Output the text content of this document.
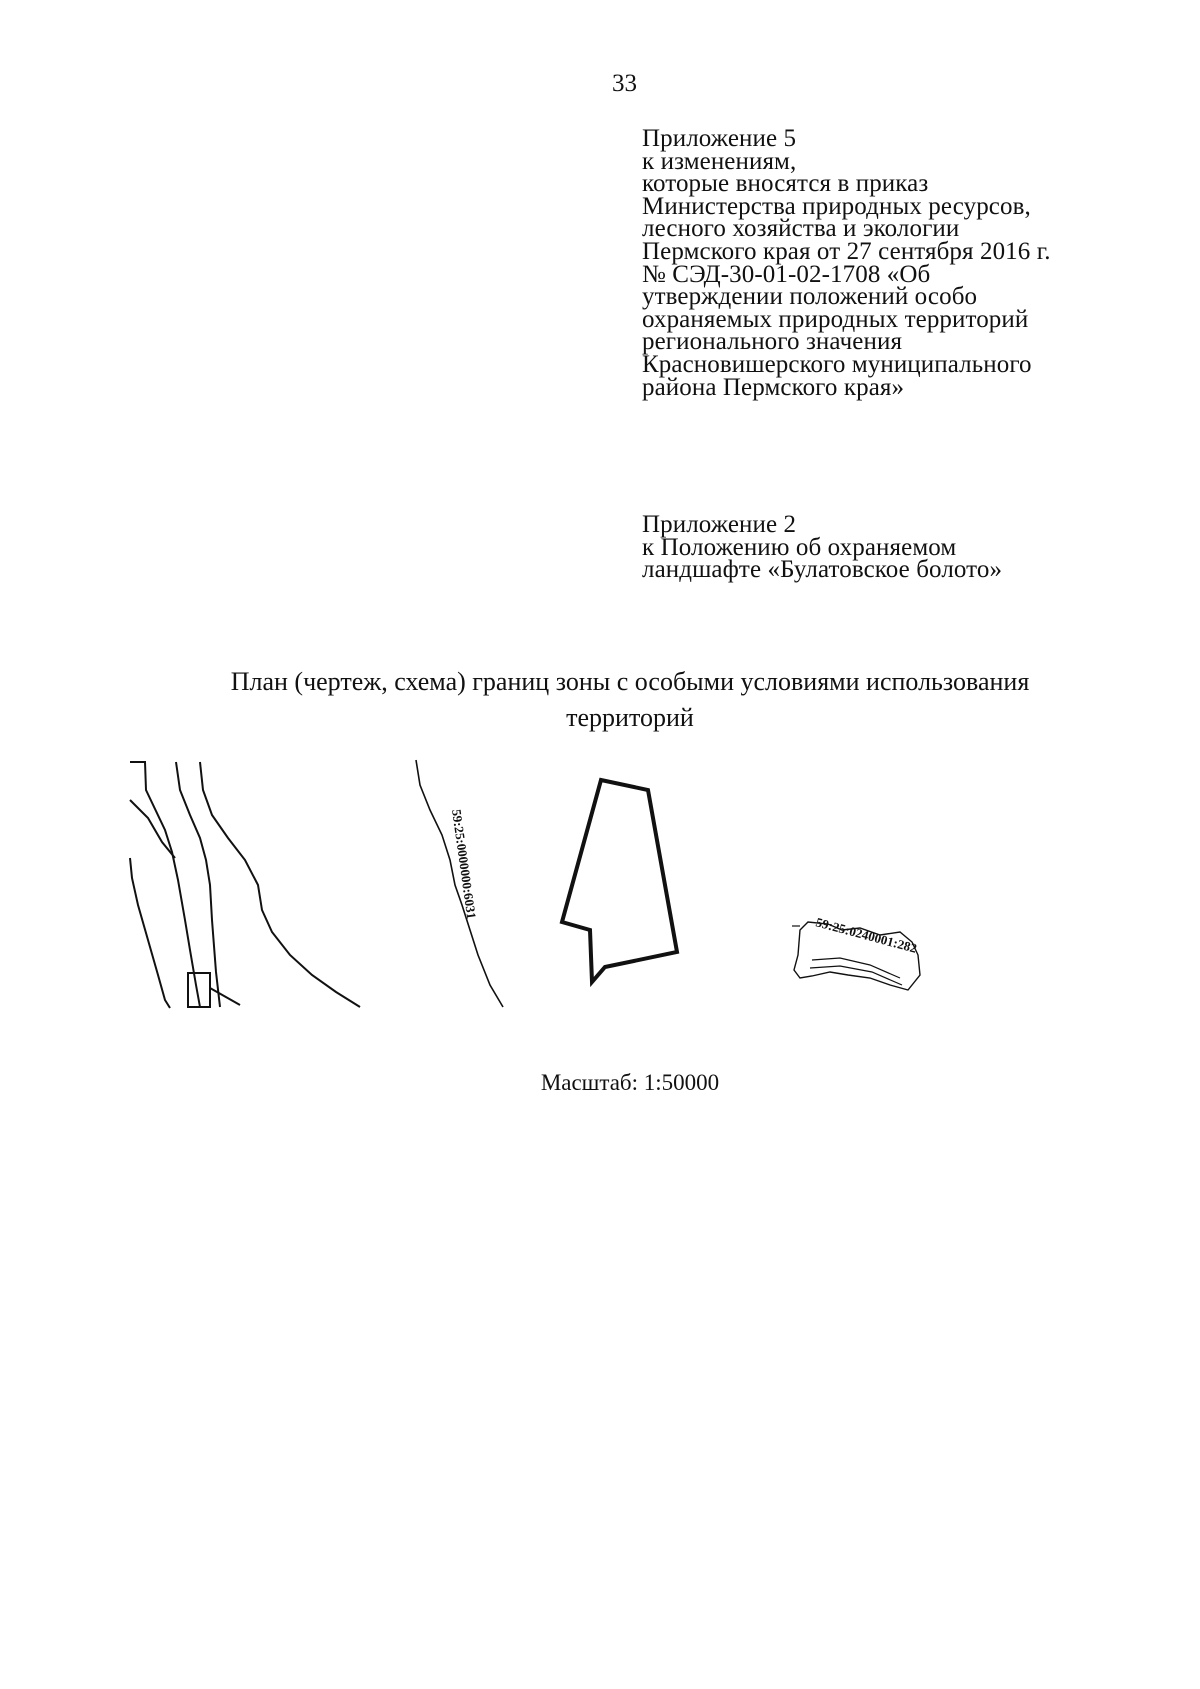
33
Приложение 5
к изменениям,
которые вносятся в приказ
Министерства природных ресурсов,
лесного хозяйства и экологии
Пермского края от 27 сентября 2016 г.
№ СЭД-30-01-02-1708 «Об
утверждении положений особо
охраняемых природных территорий
регионального значения
Красновишерского муниципального
района Пермского края»
Приложение 2
к Положению об охраняемом
ландшафте «Булатовское болото»
План (чертеж, схема) границ зоны с особыми условиями использования
территорий
59:25:0000000:6031
59:25:0240001:282
Масштаб: 1:50000
